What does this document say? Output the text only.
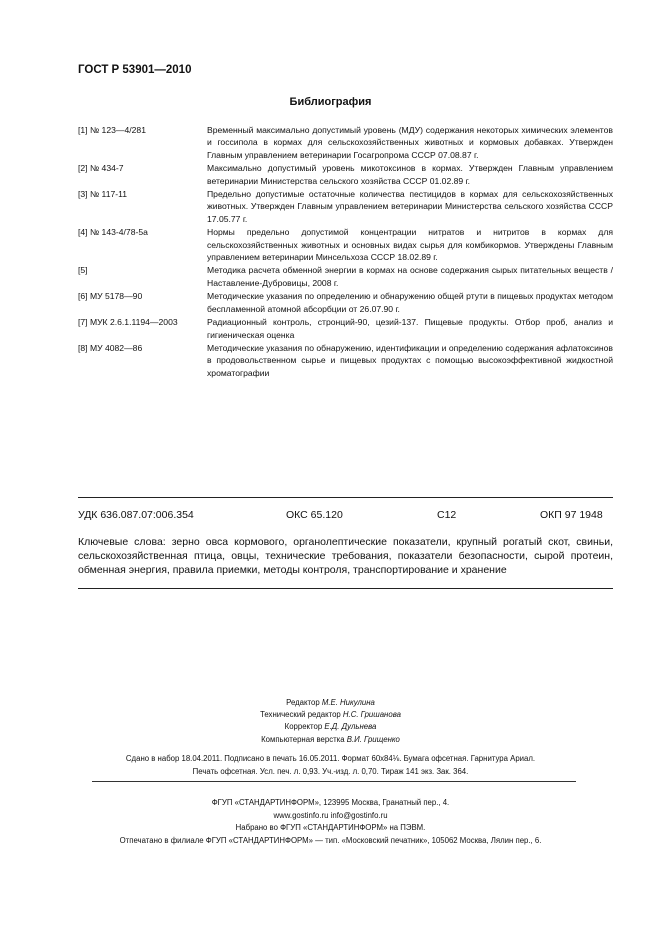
ГОСТ Р 53901—2010
Библиография
[1] № 123—4/281	Временный максимально допустимый уровень (МДУ) содержания некоторых химических элементов и госсипола в кормах для сельскохозяйственных животных и кормовых добавках. Утвержден Главным управлением ветеринарии Госагропрома СССР 07.08.87 г.
[2] № 434-7	Максимально допустимый уровень микотоксинов в кормах. Утвержден Главным управлением ветеринарии Министерства сельского хозяйства СССР 01.02.89 г.
[3] № 117-11	Предельно допустимые остаточные количества пестицидов в кормах для сельскохозяйственных животных. Утвержден Главным управлением ветеринарии Министерства сельского хозяйства СССР 17.05.77 г.
[4] № 143-4/78-5а	Нормы предельно допустимой концентрации нитратов и нитритов в кормах для сельскохозяйственных животных и основных видах сырья для комбикормов. Утверждены Главным управлением ветеринарии Минсельхоза СССР 18.02.89 г.
[5]	Методика расчета обменной энергии в кормах на основе содержания сырых питательных веществ /Наставление-Дубровицы, 2008 г.
[6] МУ 5178—90	Методические указания по определению и обнаружению общей ртути в пищевых продуктах методом беспламенной атомной абсорбции от 26.07.90 г.
[7] МУК 2.6.1.1194—2003	Радиационный контроль, стронций-90, цезий-137. Пищевые продукты. Отбор проб, анализ и гигиеническая оценка
[8] МУ 4082—86	Методические указания по обнаружению, идентификации и определению содержания афлатоксинов в продовольственном сырье и пищевых продуктах с помощью высокоэффективной жидкостной хроматографии
УДК 636.087.07:006.354	ОКС 65.120	С12	ОКП 97 1948
Ключевые слова: зерно овса кормового, органолептические показатели, крупный рогатый скот, свиньи, сельскохозяйственная птица, овцы, технические требования, показатели безопасности, сырой протеин, обменная энергия, правила приемки, методы контроля, транспортирование и хранение
Редактор М.Е. Никулина
Технический редактор Н.С. Гришанова
Корректор Е.Д. Дульнева
Компьютерная верстка В.И. Грищенко
Сдано в набор 18.04.2011. Подписано в печать 16.05.2011. Формат 60х84⅛. Бумага офсетная. Гарнитура Ариал.
Печать офсетная. Усл. печ. л. 0,93. Уч.-изд. л. 0,70. Тираж 141 экз. Зак. 364.
ФГУП «СТАНДАРТИНФОРМ», 123995 Москва, Гранатный пер., 4.
www.gostinfo.ru info@gostinfo.ru
Набрано во ФГУП «СТАНДАРТИНФОРМ» на ПЭВМ.
Отпечатано в филиале ФГУП «СТАНДАРТИНФОРМ» — тип. «Московский печатник», 105062 Москва, Лялин пер., 6.
